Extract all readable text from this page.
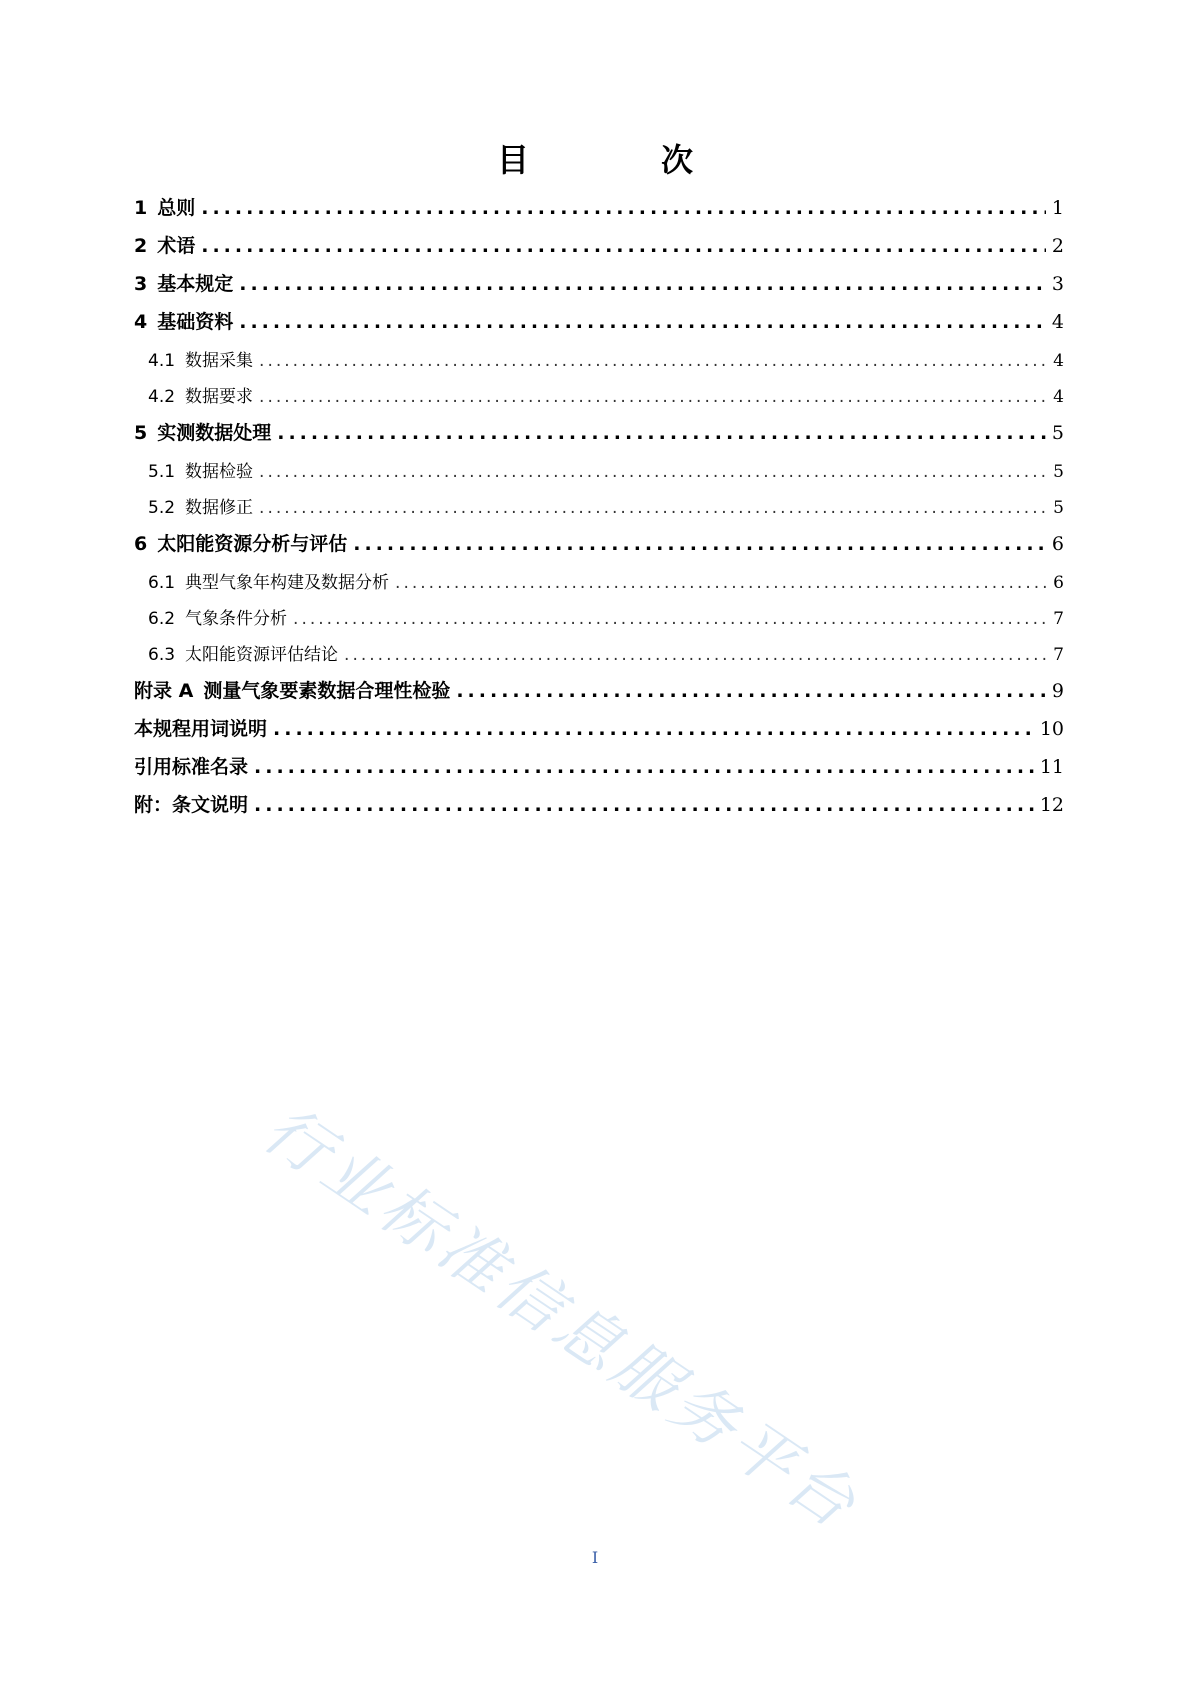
目　次
1 总则 .....	1
2 术语 .....	2
3 基本规定 .....	3
4 基础资料 .....	4
4.1 数据采集 .....	4
4.2 数据要求 .....	4
5 实测数据处理 .....	5
5.1 数据检验 .....	5
5.2 数据修正 .....	5
6 太阳能资源分析与评估 .....	6
6.1 典型气象年构建及数据分析 .....	6
6.2 气象条件分析 .....	7
6.3 太阳能资源评估结论 .....	7
附录 A 测量气象要素数据合理性检验 .....	9
本规程用词说明 .....	10
引用标准名录 .....	11
附：条文说明 .....	12
行业标准信息服务平台
I
